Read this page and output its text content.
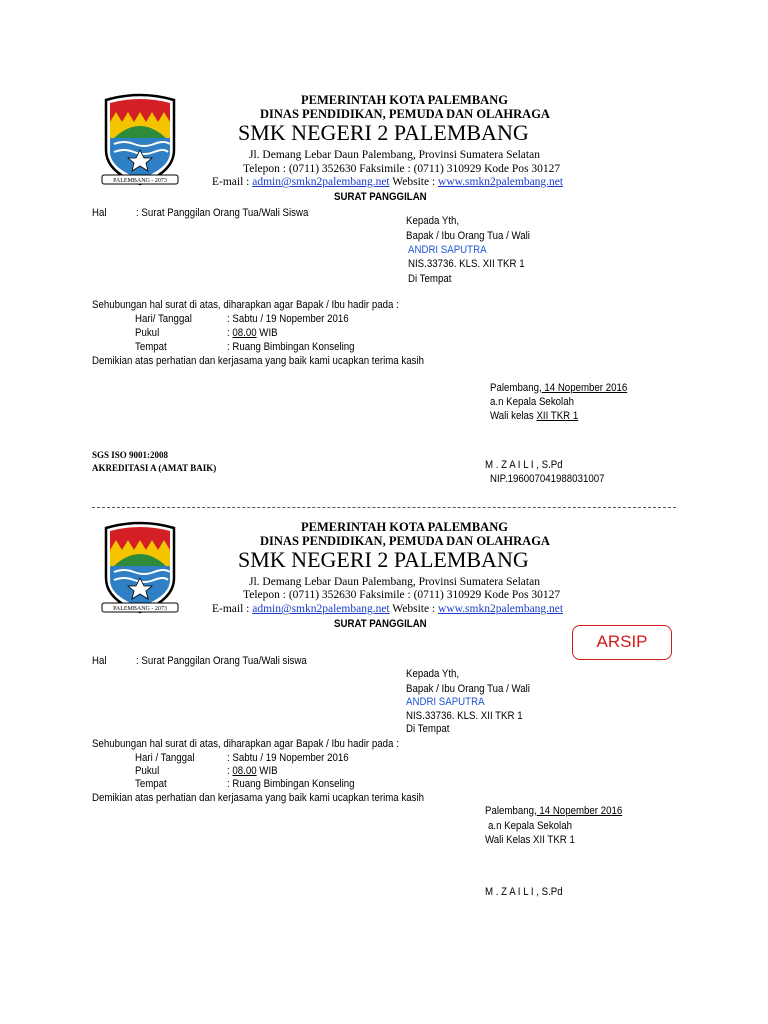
PALEMBANG - 2073
PEMERINTAH KOTA PALEMBANG
DINAS PENDIDIKAN, PEMUDA DAN OLAHRAGA
SMK NEGERI 2 PALEMBANG
Jl. Demang Lebar Daun Palembang, Provinsi Sumatera Selatan
Telepon : (0711) 352630 Faksimile : (0711) 310929 Kode Pos 30127
E-mail : admin@smkn2palembang.net Website : www.smkn2palembang.net
SURAT PANGGILAN
Hal	: Surat Panggilan Orang Tua/Wali Siswa
Kepada Yth,
Bapak / Ibu Orang Tua / Wali
ANDRI SAPUTRA
NIS.33736. KLS. XII TKR 1
Di Tempat
Sehubungan hal surat di atas, diharapkan agar Bapak / Ibu hadir pada :
Hari/ Tanggal	: Sabtu / 19 Nopember 2016
Pukul	: 08.00 WIB
Tempat	: Ruang Bimbingan Konseling
Demikian atas perhatian dan kerjasama yang baik kami ucapkan terima kasih
Palembang, 14 Nopember 2016
a.n Kepala Sekolah
Wali kelas XII TKR 1
SGS ISO 9001:2008
AKREDITASI A (AMAT BAIK)	M . Z A I L I , S.Pd
NIP.196007041988031007
PALEMBANG - 2073
PEMERINTAH KOTA PALEMBANG
DINAS PENDIDIKAN, PEMUDA DAN OLAHRAGA
SMK NEGERI 2 PALEMBANG
Jl. Demang Lebar Daun Palembang, Provinsi Sumatera Selatan
Telepon : (0711) 352630 Faksimile : (0711) 310929 Kode Pos 30127
E-mail : admin@smkn2palembang.net Website : www.smkn2palembang.net
SURAT PANGGILAN
ARSIP
Hal	: Surat Panggilan Orang Tua/Wali siswa
Kepada Yth,
Bapak / Ibu Orang Tua / Wali
ANDRI SAPUTRA
NIS.33736. KLS. XII TKR 1
Di Tempat
Sehubungan hal surat di atas, diharapkan agar Bapak / Ibu hadir pada :
Hari / Tanggal	: Sabtu / 19 Nopember 2016
Pukul	: 08.00 WIB
Tempat	: Ruang Bimbingan Konseling
Demikian atas perhatian dan kerjasama yang baik kami ucapkan terima kasih
Palembang, 14 Nopember 2016
a.n Kepala Sekolah
Wali Kelas XII TKR 1
M . Z A I L I , S.Pd
